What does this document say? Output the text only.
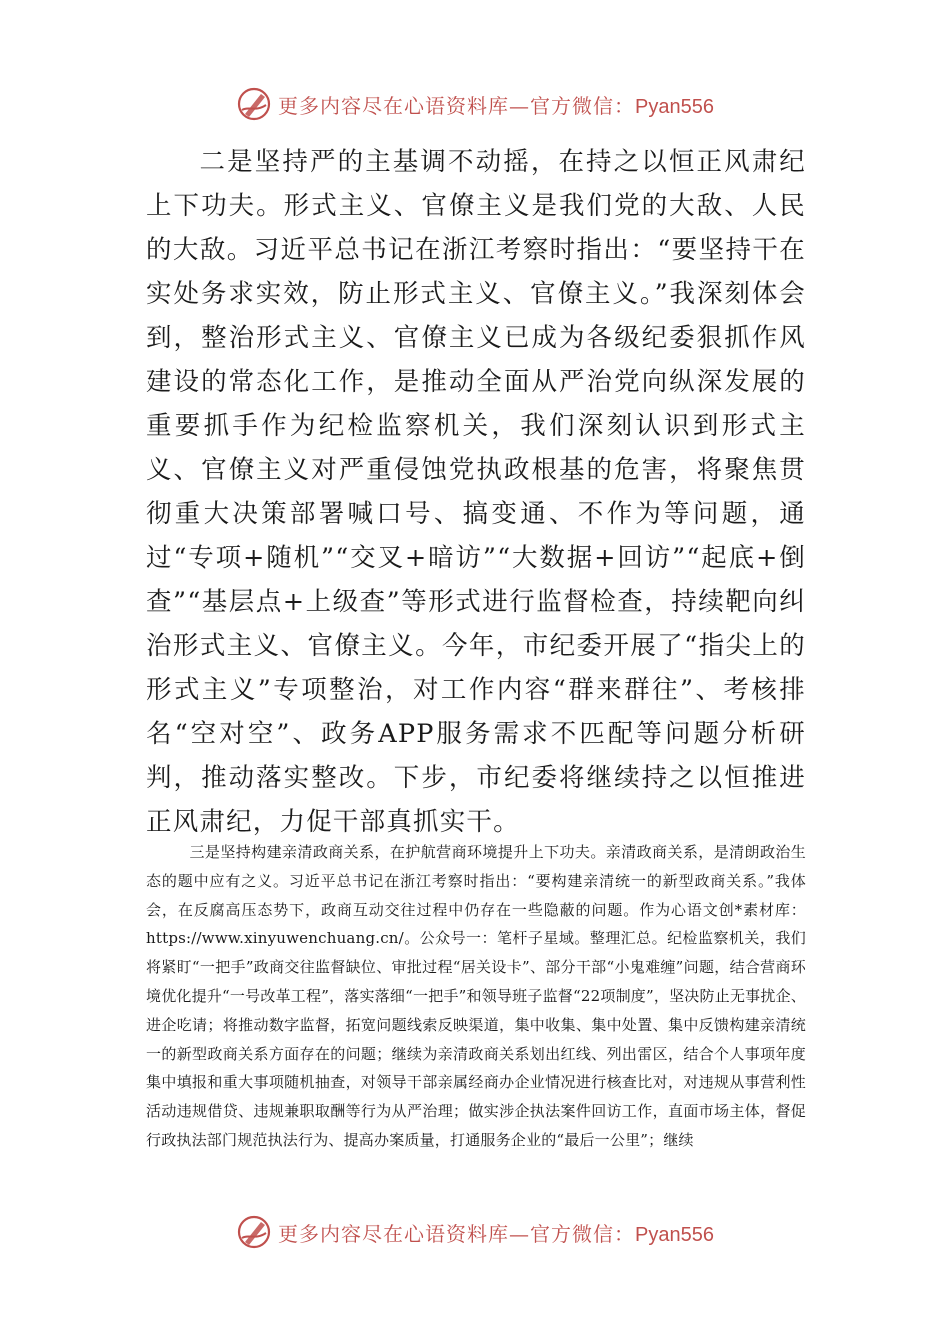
更多内容尽在心语资料库—官方微信：Pyan556

二是坚持严的主基调不动摇，在持之以恒正风肃纪上下功夫。形式主义、官僚主义是我们党的大敌、人民的大敌。习近平总书记在浙江考察时指出：“要坚持干在实处务求实效，防止形式主义、官僚主义。”我深刻体会到，整治形式主义、官僚主义已成为各级纪委狠抓作风建设的常态化工作，是推动全面从严治党向纵深发展的重要抓手作为纪检监察机关，我们深刻认识到形式主义、官僚主义对严重侵蚀党执政根基的危害，将聚焦贯彻重大决策部署喊口号、搞变通、不作为等问题，通过“专项+随机”“交叉+暗访”“大数据+回访”“起底+倒查”“基层点+上级查”等形式进行监督检查，持续靶向纠治形式主义、官僚主义。今年，市纪委开展了“指尖上的形式主义”专项整治，对工作内容“群来群往”、考核排名“空对空”、政务APP服务需求不匹配等问题分析研判，推动落实整改。下步，市纪委将继续持之以恒推进正风肃纪，力促干部真抓实干。

三是坚持构建亲清政商关系，在护航营商环境提升上下功夫。亲清政商关系，是清朗政治生态的题中应有之义。习近平总书记在浙江考察时指出：“要构建亲清统一的新型政商关系。”我体会，在反腐高压态势下，政商互动交往过程中仍存在一些隐蔽的问题。作为心语文创*素材库：https://www.xinyuwenchuang.cn/。公众号一：笔杆子星域。整理汇总。纪检监察机关，我们将紧盯“一把手”政商交往监督缺位、审批过程“居关设卡”、部分干部“小鬼难缠”问题，结合营商环境优化提升“一号改革工程”，落实落细“一把手”和领导班子监督“22项制度”，坚决防止无事扰企、进企吃请；将推动数字监督，拓宽问题线索反映渠道，集中收集、集中处置、集中反馈构建亲清统一的新型政商关系方面存在的问题；继续为亲清政商关系划出红线、列出雷区，结合个人事项年度集中填报和重大事项随机抽查，对领导干部亲属经商办企业情况进行核查比对，对违规从事营利性活动违规借贷、违规兼职取酬等行为从严治理；做实涉企执法案件回访工作，直面市场主体，督促行政执法部门规范执法行为、提高办案质量，打通服务企业的“最后一公里”；继续

更多内容尽在心语资料库—官方微信：Pyan556
